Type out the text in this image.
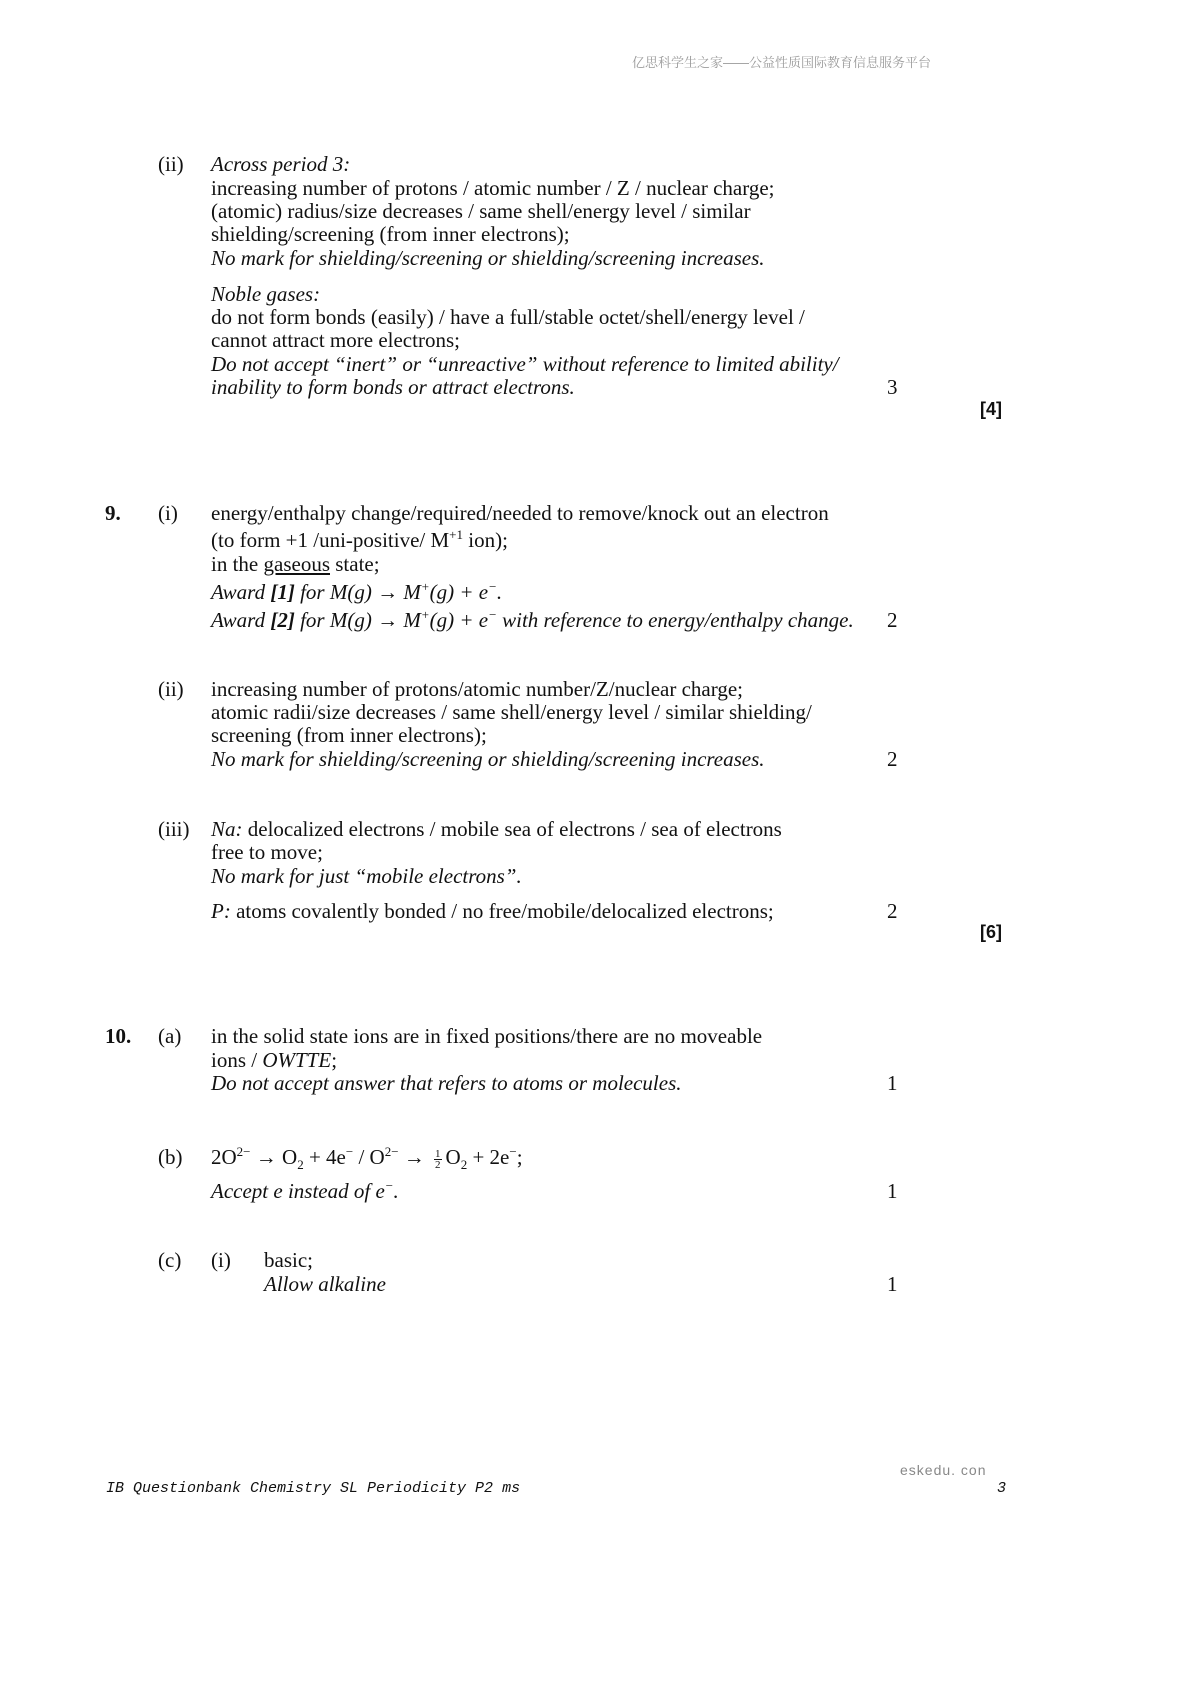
亿思科学生之家——公益性质国际教育信息服务平台
(ii) Across period 3:
increasing number of protons / atomic number / Z / nuclear charge;
(atomic) radius/size decreases / same shell/energy level / similar
shielding/screening (from inner electrons);
No mark for shielding/screening or shielding/screening increases.
Noble gases:
do not form bonds (easily) / have a full/stable octet/shell/energy level /
cannot attract more electrons;
Do not accept “inert” or “unreactive” without reference to limited ability/
inability to form bonds or attract electrons.	3
[4]
9. (i) energy/enthalpy change/required/needed to remove/knock out an electron
(to form +1 /uni-positive/ $M^{+1}$ ion);
in the gaseous state;
Award [1] for M(g) → M+(g) + e−.
Award [2] for M(g) → M+(g) + e− with reference to energy/enthalpy change. 2
(ii) increasing number of protons/atomic number/Z/nuclear charge;
atomic radii/size decreases / same shell/energy level / similar shielding/
screening (from inner electrons);
No mark for shielding/screening or shielding/screening increases.	2
(iii) Na: delocalized electrons / mobile sea of electrons / sea of electrons
free to move;
No mark for just “mobile electrons”.
P: atoms covalently bonded / no free/mobile/delocalized electrons;	2
[6]
10. (a) in the solid state ions are in fixed positions/there are no moveable
ions / OWTTE;
Do not accept answer that refers to atoms or molecules.	1
(b) $2O^{2-} \to O_2 + 4e^- / O^{2-} \to \frac{1}{2} O_2 + 2e^-$;
Accept e instead of e−.	1
(c) (i) basic;
Allow alkaline	1
eskedu. con
IB Questionbank Chemistry SL Periodicity P2 ms	3
